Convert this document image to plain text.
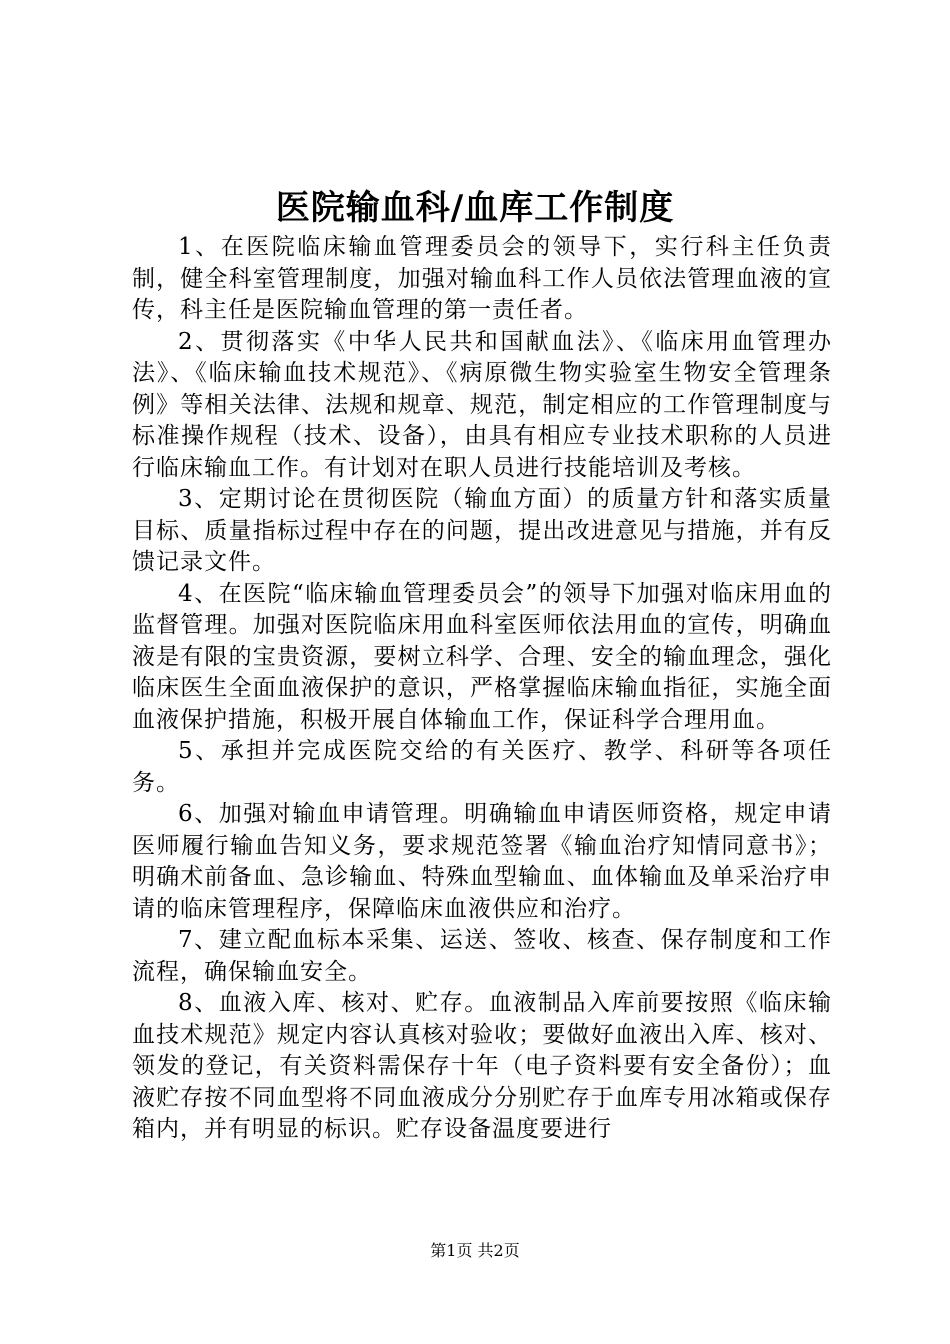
医院输血科/血库工作制度

1、在医院临床输血管理委员会的领导下，实行科主任负责制，健全科室管理制度，加强对输血科工作人员依法管理血液的宣传，科主任是医院输血管理的第一责任者。

2、贯彻落实《中华人民共和国献血法》、《临床用血管理办法》、《临床输血技术规范》、《病原微生物实验室生物安全管理条例》等相关法律、法规和规章、规范，制定相应的工作管理制度与标准操作规程（技术、设备），由具有相应专业技术职称的人员进行临床输血工作。有计划对在职人员进行技能培训及考核。

3、定期讨论在贯彻医院（输血方面）的质量方针和落实质量目标、质量指标过程中存在的问题，提出改进意见与措施，并有反馈记录文件。

4、在医院“临床输血管理委员会”的领导下加强对临床用血的监督管理。加强对医院临床用血科室医师依法用血的宣传，明确血液是有限的宝贵资源，要树立科学、合理、安全的输血理念，强化临床医生全面血液保护的意识，严格掌握临床输血指征，实施全面血液保护措施，积极开展自体输血工作，保证科学合理用血。

5、承担并完成医院交给的有关医疗、教学、科研等各项任务。

6、加强对输血申请管理。明确输血申请医师资格，规定申请医师履行输血告知义务，要求规范签署《输血治疗知情同意书》；明确术前备血、急诊输血、特殊血型输血、血体输血及单采治疗申请的临床管理程序，保障临床血液供应和治疗。

7、建立配血标本采集、运送、签收、核查、保存制度和工作流程，确保输血安全。

8、血液入库、核对、贮存。血液制品入库前要按照《临床输血技术规范》规定内容认真核对验收；要做好血液出入库、核对、领发的登记，有关资料需保存十年（电子资料要有安全备份）；血液贮存按不同血型将不同血液成分分别贮存于血库专用冰箱或保存箱内，并有明显的标识。贮存设备温度要进行

第1页 共2页
